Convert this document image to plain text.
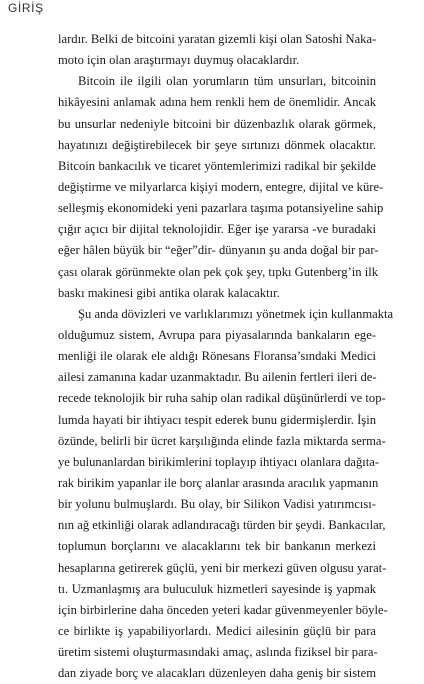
GİRİŞ
lardır. Belki de bitcoini yaratan gizemli kişi olan Satoshi Naka-
moto için olan araştırmayı duymuş olacaklardır.
Bitcoin ile ilgili olan yorumların tüm unsurları, bitcoinin
hikâyesini anlamak adına hem renkli hem de önemlidir. Ancak
bu unsurlar nedeniyle bitcoini bir düzenbazlık olarak görmek,
hayatınızı değiştirebilecek bir şeye sırtınızı dönmek olacaktır.
Bitcoin bankacılık ve ticaret yöntemlerimizi radikal bir şekilde
değiştirme ve milyarlarca kişiyi modern, entegre, dijital ve küre-
selleşmiş ekonomideki yeni pazarlara taşıma potansiyeline sahip
çığır açıcı bir dijital teknolojidir. Eğer işe yararsa -ve buradaki
eğer hâlen büyük bir “eğer”dir- dünyanın şu anda doğal bir par-
çası olarak görünmekte olan pek çok şey, tıpkı Gutenberg’in ilk
baskı makinesi gibi antika olarak kalacaktır.
Şu anda dövizleri ve varlıklarımızı yönetmek için kullanmakta
olduğumuz sistem, Avrupa para piyasalarında bankaların ege-
menliği ile olarak ele aldığı Rönesans Floransa’sındaki Medici
ailesi zamanına kadar uzanmaktadır. Bu ailenin fertleri ileri de-
recede teknolojik bir ruha sahip olan radikal düşünürlerdi ve top-
lumda hayati bir ihtiyacı tespit ederek bunu gidermişlerdir. İşin
özünde, belirli bir ücret karşılığında elinde fazla miktarda serma-
ye bulunanlardan birikimlerini toplayıp ihtiyacı olanlara dağıta-
rak birikim yapanlar ile borç alanlar arasında aracılık yapmanın
bir yolunu bulmuşlardı. Bu olay, bir Silikon Vadisi yatırımcısı-
nın ağ etkinliği olarak adlandıracağı türden bir şeydi. Bankacılar,
toplumun borçlarını ve alacaklarını tek bir bankanın merkezi
hesaplarına getirerek güçlü, yeni bir merkezi güven olgusu yarat-
tı. Uzmanlaşmış ara buluculuk hizmetleri sayesinde iş yapmak
için birbirlerine daha önceden yeteri kadar güvenmeyenler böyle-
ce birlikte iş yapabiliyorlardı. Medici ailesinin güçlü bir para
üretim sistemi oluşturmasındaki amaç, aslında fiziksel bir para-
dan ziyade borç ve alacakları düzenleyen daha geniş bir sistem
